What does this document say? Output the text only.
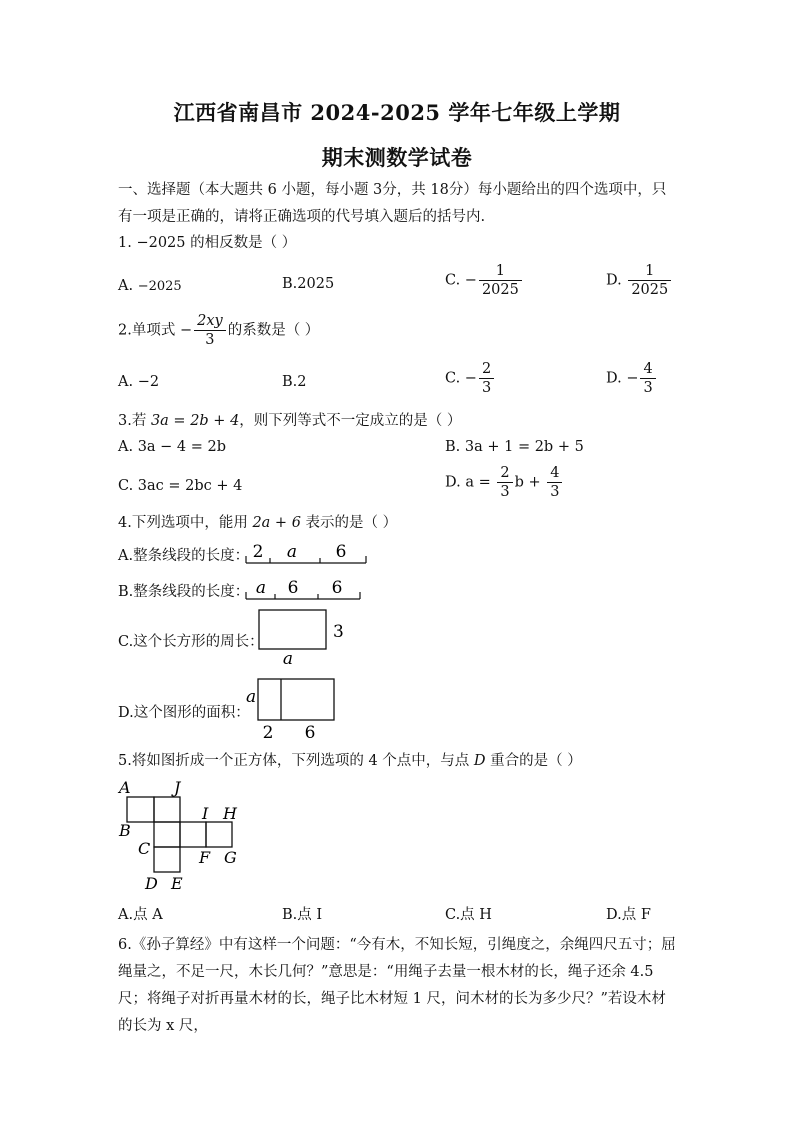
江西省南昌市 2024-2025 学年七年级上学期
期末测数学试卷
一、选择题（本大题共 6 小题，每小题 3分，共 18分）每小题给出的四个选项中，只有一项是正确的，请将正确选项的代号填入题后的括号内.
1. −2025 的相反数是（ ）
A. −2025	B.2025	C. − $\frac{1}{2025}$	D. $\frac{1}{2025}$
2.单项式 − $\frac{2xy}{3}$ 的系数是（ ）
A. −2	B.2	C. − $\frac{2}{3}$	D. − $\frac{4}{3}$
3.若 3a = 2b + 4，则下列等式不一定成立的是（ ）
A. 3a − 4 = 2b	B. 3a + 1 = 2b + 5
C. 3ac = 2bc + 4	D. $a = \frac{2}{3}$ $b + \frac{4}{3}$
4.下列选项中，能用 2a + 6 表示的是（ ）
A.整条线段的长度： 2 a 6
B.整条线段的长度： a 6 6
C.这个长方形的周长：	3
a
D.这个图形的面积：
a
2 6
5.将如图折成一个正方体，下列选项的 4 个点中，与点 D 重合的是（ ）
A	J
B
I H
C	F G
D E
A.点 A	B.点 I	C.点 H	D.点 F
6.《孙子算经》中有这样一个问题：“今有木，不知长短，引绳度之，余绳四尺五寸；屈绳量之，不足一尺，木长几何？”意思是：“用绳子去量一根木材的长，绳子还余 4.5 尺；将绳子对折再量木材的长，绳子比木材短 1 尺，问木材的长为多少尺？”若设木材的长为 x 尺，
